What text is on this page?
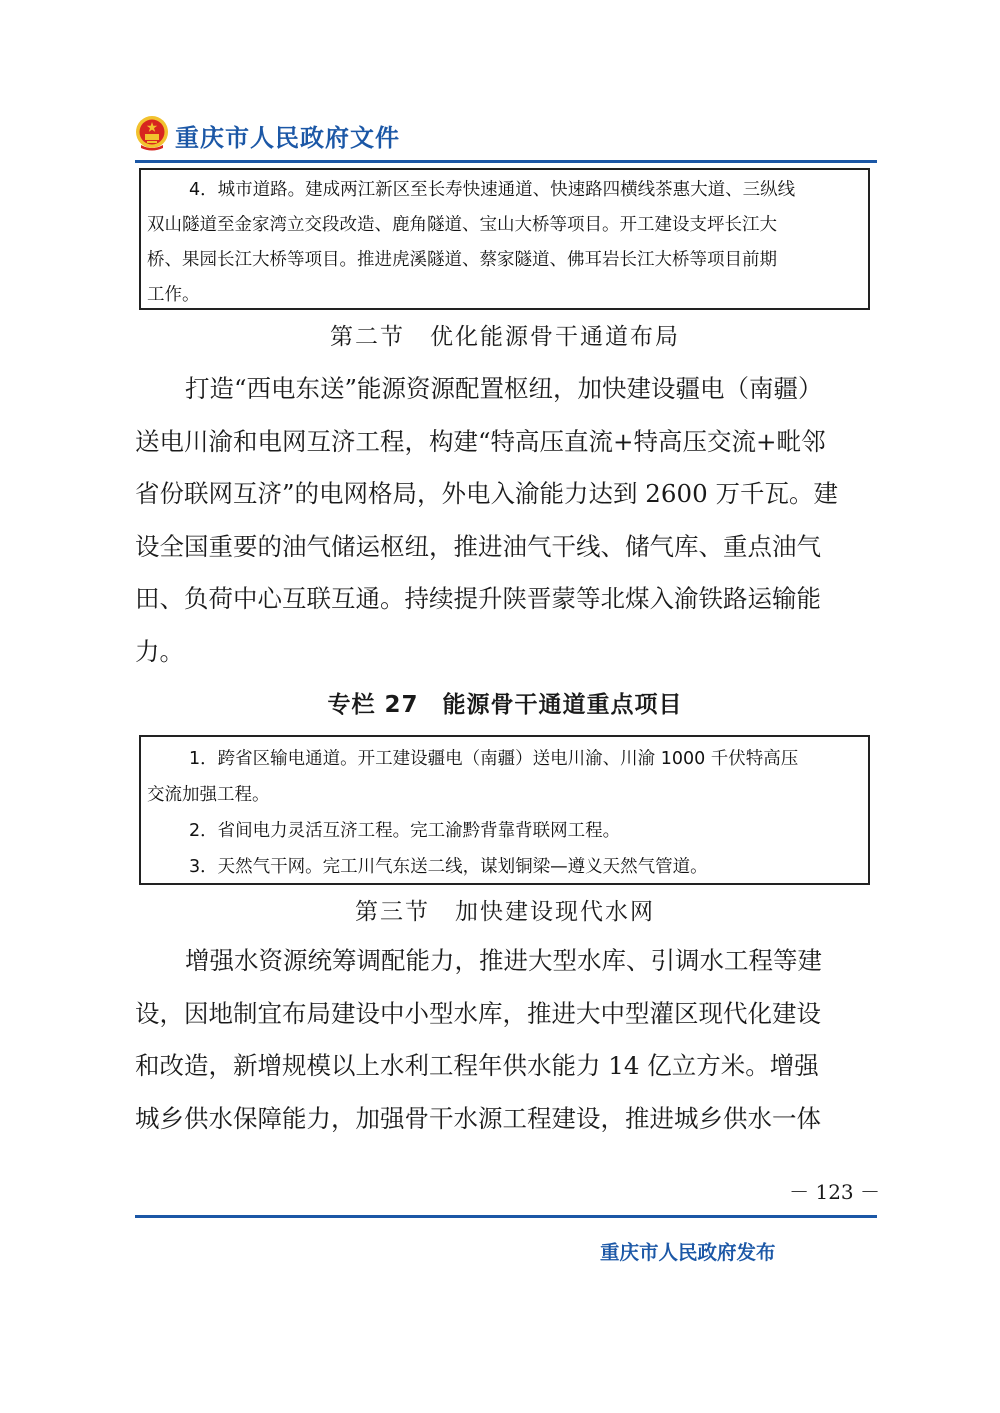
重庆市人民政府文件

4．城市道路。建成两江新区至长寿快速通道、快速路四横线茶惠大道、三纵线

双山隧道至金家湾立交段改造、鹿角隧道、宝山大桥等项目。开工建设支坪长江大

桥、果园长江大桥等项目。推进虎溪隧道、蔡家隧道、佛耳岩长江大桥等项目前期

工作。

第二节　优化能源骨干通道布局
打造“西电东送”能源资源配置枢纽，加快建设疆电（南疆）
送电川渝和电网互济工程，构建“特高压直流+特高压交流+毗邻
省份联网互济”的电网格局，外电入渝能力达到 2600 万千瓦。建
设全国重要的油气储运枢纽，推进油气干线、储气库、重点油气
田、负荷中心互联互通。持续提升陕晋蒙等北煤入渝铁路运输能
力。
专栏 27　能源骨干通道重点项目

1．跨省区输电通道。开工建设疆电（南疆）送电川渝、川渝 1000 千伏特高压

交流加强工程。

2．省间电力灵活互济工程。完工渝黔背靠背联网工程。

3．天然气干网。完工川气东送二线，谋划铜梁—遵义天然气管道。

第三节　加快建设现代水网
增强水资源统筹调配能力，推进大型水库、引调水工程等建
设，因地制宜布局建设中小型水库，推进大中型灌区现代化建设
和改造，新增规模以上水利工程年供水能力 14 亿立方米。增强
城乡供水保障能力，加强骨干水源工程建设，推进城乡供水一体
－ 123 －
重庆市人民政府发布
